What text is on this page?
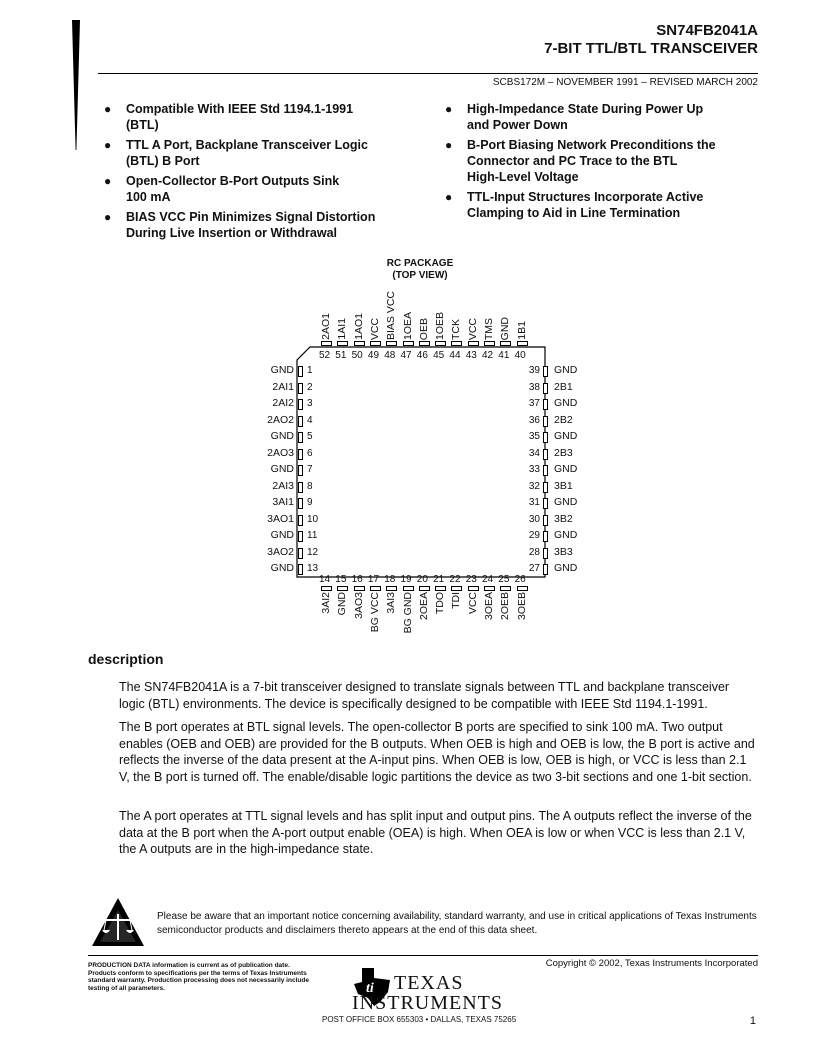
SN74FB2041A
7-BIT TTL/BTL TRANSCEIVER
SCBS172M – NOVEMBER 1991 – REVISED MARCH 2002
● Compatible With IEEE Std 1194.1-1991
(BTL)
● TTL A Port, Backplane Transceiver Logic
(BTL) B Port
● Open-Collector B-Port Outputs Sink
100 mA
● BIAS VCC Pin Minimizes Signal Distortion
During Live Insertion or Withdrawal
● High-Impedance State During Power Up
and Power Down
● B-Port Biasing Network Preconditions the
Connector and PC Trace to the BTL
High-Level Voltage
● TTL-Input Structures Incorporate Active
Clamping to Aid in Line Termination
RC PACKAGE
(TOP VIEW)
GND 1
2AI1 2
2AI2 3
2AO2 4
GND 5
2AO3 6
GND 7
2AI3 8
3AI1 9
3AO1 10
GND 11
3AO2 12
GND 13
39 GND
38 2B1
37 GND
36 2B2
35 GND
34 2B3
33 GND
32 3B1
31 GND
30 3B2
29 GND
28 3B3
27 GND
2AO1
52
1AI1
51
1AO1
50
VCC
49
BIAS VCC
48
1OEA
47
OEB
46
1OEB
45
TCK
44
VCC
43
TMS
42
GND
41
1B1
40
14
3AI2
15
GND
16
3AO3
17
BG VCC
18
3AI3
19
BG GND
20
2OEA
21
TDO
22
TDI
23
VCC
24
3OEA
25
2OEB
26
3OEB
description
The SN74FB2041A is a 7-bit transceiver designed to translate signals between TTL and backplane transceiver logic (BTL) environments. The device is specifically designed to be compatible with IEEE Std 1194.1-1991.
The B port operates at BTL signal levels. The open-collector B ports are specified to sink 100 mA. Two output enables (OEB and OEB) are provided for the B outputs. When OEB is high and OEB is low, the B port is active and reflects the inverse of the data present at the A-input pins. When OEB is low, OEB is high, or VCC is less than 2.1 V, the B port is turned off. The enable/disable logic partitions the device as two 3-bit sections and one 1-bit section.
The A port operates at TTL signal levels and has split input and output pins. The A outputs reflect the inverse of the data at the B port when the A-port output enable (OEA) is high. When OEA is low or when VCC is less than 2.1 V, the A outputs are in the high-impedance state.
Please be aware that an important notice concerning availability, standard warranty, and use in critical applications of Texas Instruments semiconductor products and disclaimers thereto appears at the end of this data sheet.
PRODUCTION DATA information is current as of publication date. Products conform to specifications per the terms of Texas Instruments standard warranty. Production processing does not necessarily include testing of all parameters.
Copyright © 2002, Texas Instruments Incorporated
ti TEXAS
INSTRUMENTS
POST OFFICE BOX 655303 • DALLAS, TEXAS 75265	1
